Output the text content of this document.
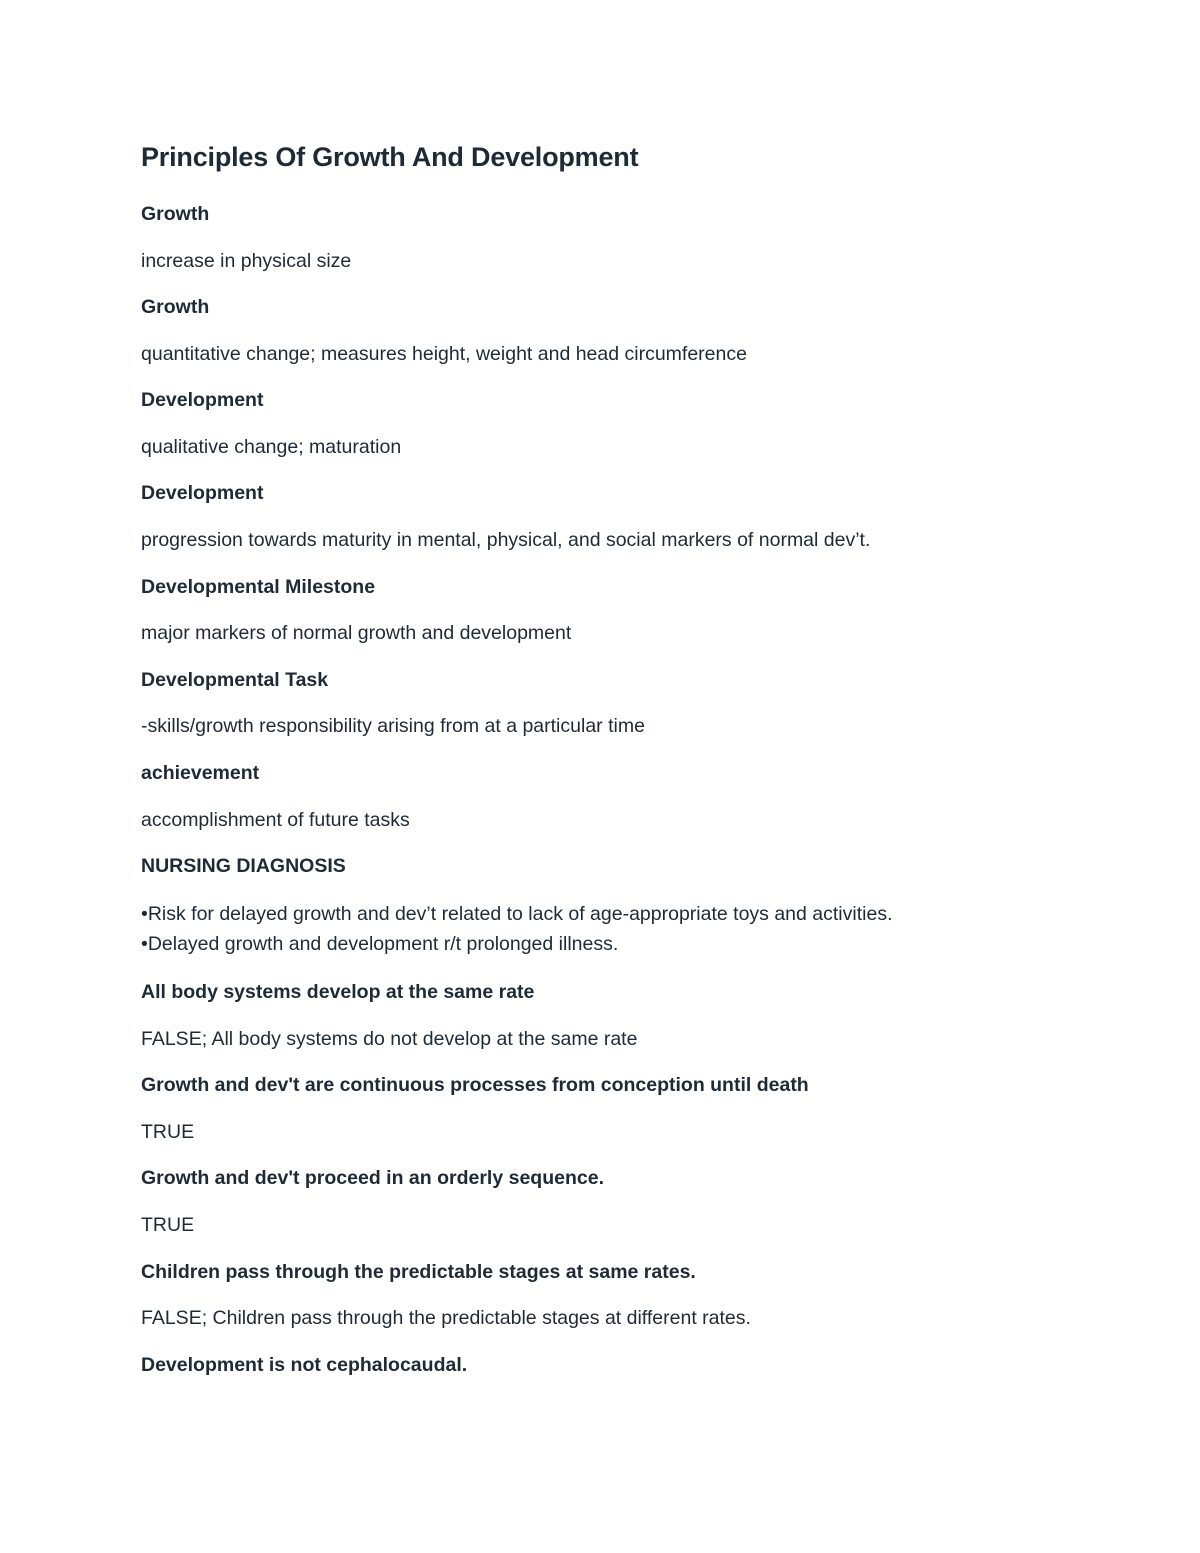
Principles Of Growth And Development

Growth

increase in physical size

Growth

quantitative change; measures height, weight and head circumference

Development

qualitative change; maturation

Development

progression towards maturity in mental, physical, and social markers of normal dev’t.

Developmental Milestone

major markers of normal growth and development

Developmental Task

-skills/growth responsibility arising from at a particular time

achievement

accomplishment of future tasks

NURSING DIAGNOSIS

•Risk for delayed growth and dev’t related to lack of age-appropriate toys and activities.
•Delayed growth and development r/t prolonged illness.

All body systems develop at the same rate

FALSE; All body systems do not develop at the same rate

Growth and dev't are continuous processes from conception until death

TRUE

Growth and dev't proceed in an orderly sequence.

TRUE

Children pass through the predictable stages at same rates.

FALSE; Children pass through the predictable stages at different rates.

Development is not cephalocaudal.
